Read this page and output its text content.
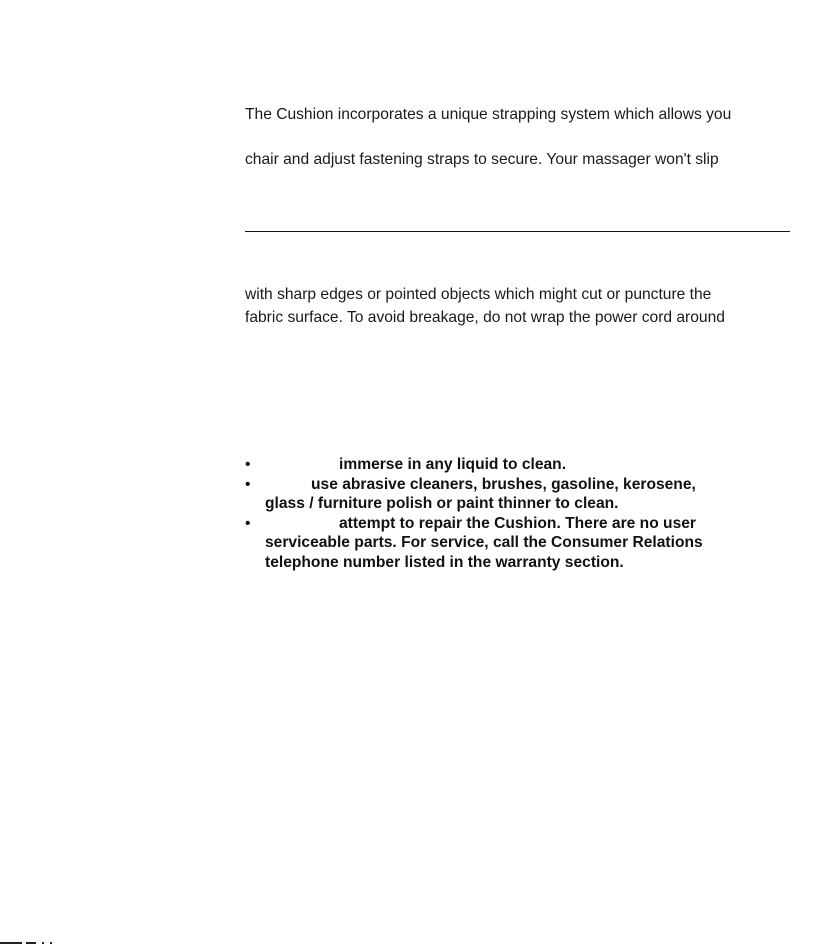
The Cushion incorporates a unique strapping system which allows you
chair and adjust fastening straps to secure. Your massager won't slip
with sharp edges or pointed objects which might cut or puncture the
fabric surface. To avoid breakage, do not wrap the power cord around
•	immerse in any liquid to clean.
•	use abrasive cleaners, brushes, gasoline, kerosene,
glass / furniture polish or paint thinner to clean.
•	attempt to repair the Cushion. There are no user
serviceable parts. For service, call the Consumer Relations
telephone number listed in the warranty section.
